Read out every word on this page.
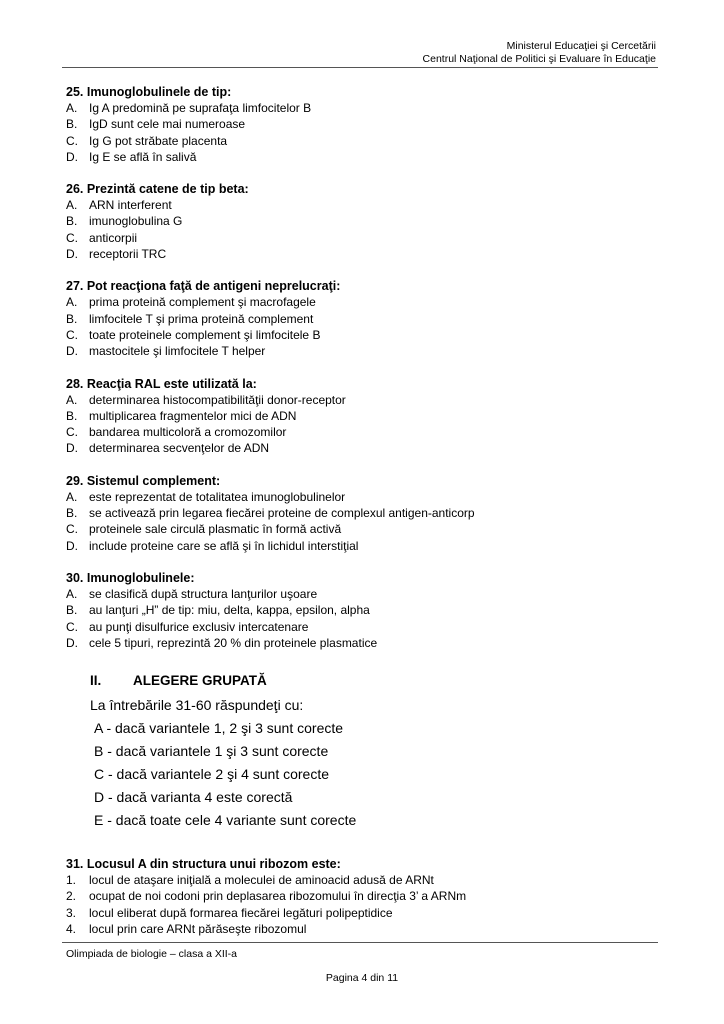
Ministerul Educaţiei şi Cercetării
Centrul Naţional de Politici şi Evaluare în Educaţie
25. Imunoglobulinele de tip:
A. Ig A predomină pe suprafaţa limfocitelor B
B. IgD sunt cele mai numeroase
C. Ig G pot străbate placenta
D. Ig E se află în salivă
26. Prezintă catene de tip beta:
A. ARN interferent
B. imunoglobulina G
C. anticorpii
D. receptorii TRC
27. Pot reacţiona faţă de antigeni neprelucraţi:
A. prima proteină complement şi macrofagele
B. limfocitele T şi prima proteină complement
C. toate proteinele complement şi limfocitele B
D. mastocitele şi limfocitele T helper
28. Reacţia RAL este utilizată la:
A. determinarea histocompatibilităţii donor-receptor
B. multiplicarea fragmentelor mici de ADN
C. bandarea multicoloră a cromozomilor
D. determinarea secvenţelor de ADN
29. Sistemul complement:
A. este reprezentat de totalitatea imunoglobulinelor
B. se activează prin legarea fiecărei proteine de complexul antigen-anticorp
C. proteinele sale circulă plasmatic în formă activă
D. include proteine care se află şi în lichidul interstiţial
30. Imunoglobulinele:
A. se clasifică după structura lanţurilor uşoare
B. au lanţuri „H” de tip: miu, delta, kappa, epsilon, alpha
C. au punţi disulfurice exclusiv intercatenare
D. cele 5 tipuri, reprezintă 20 % din proteinele plasmatice
II.	ALEGERE GRUPATĂ
La întrebările 31-60 răspundeţi cu:
A - dacă variantele 1, 2 şi 3 sunt corecte
B - dacă variantele 1 şi 3 sunt corecte
C - dacă variantele 2 şi 4 sunt corecte
D - dacă varianta 4 este corectă
E - dacă toate cele 4 variante sunt corecte
31. Locusul A din structura unui ribozom este:
1.	locul de ataşare iniţială a moleculei de aminoacid adusă de ARNt
2.	ocupat de noi codoni prin deplasarea ribozomului în direcţia 3’ a ARNm
3.	locul eliberat după formarea fiecărei legături polipeptidice
4.	locul prin care ARNt părăseşte ribozomul
Olimpiada de biologie – clasa a XII-a
Pagina 4 din 11
